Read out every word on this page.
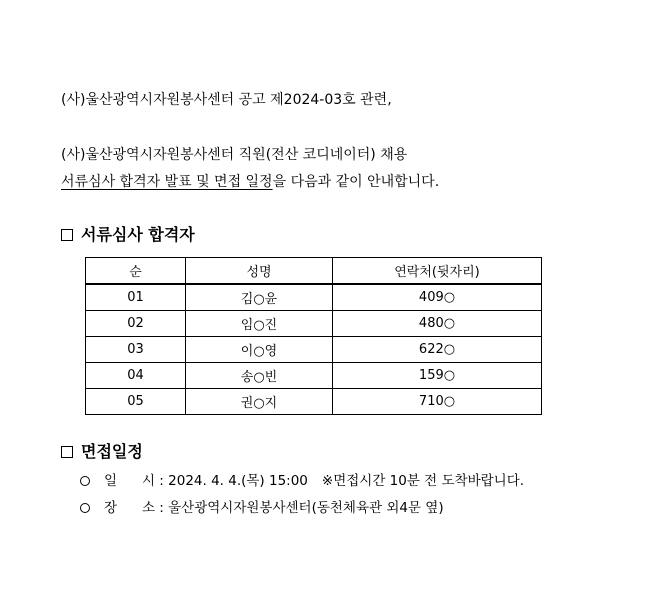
(사)울산광역시자원봉사센터 공고 제2024-03호 관련,
(사)울산광역시자원봉사센터 직원(전산 코디네이터) 채용
서류심사 합격자 발표 및 면접 일정을 다음과 같이 안내합니다.
서류심사 합격자
순	성명	연락처(뒷자리)
01	김○윤	409○
02	임○진	480○
03	이○영	622○
04	송○빈	159○
05	권○지	710○
면접일정
일 시 : 2024. 4. 4.(목) 15:00 ※면접시간 10분 전 도착바랍니다.
장 소 : 울산광역시자원봉사센터(동천체육관 외4문 옆)
